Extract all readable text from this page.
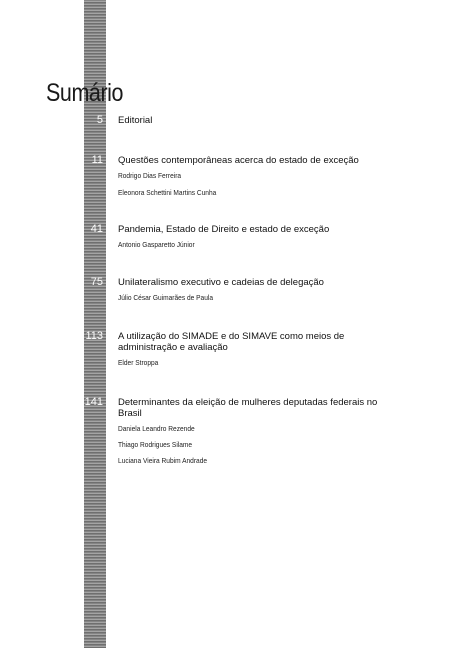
Sumário
5 Editorial

11 Questões contemporâneas acerca do estado de exceção

Rodrigo Dias Ferreira

Eleonora Schettini Martins Cunha

41 Pandemia, Estado de Direito e estado de exceção

Antonio Gasparetto Júnior

75 Unilateralismo executivo e cadeias de delegação

Júlio César Guimarães de Paula

113 A utilização do SIMADE e do SIMAVE como meios de

administração e avaliação

Elder Stroppa

141 Determinantes da eleição de mulheres deputadas federais no

Brasil

Daniela Leandro Rezende

Thiago Rodrigues Silame

Luciana Vieira Rubim Andrade
